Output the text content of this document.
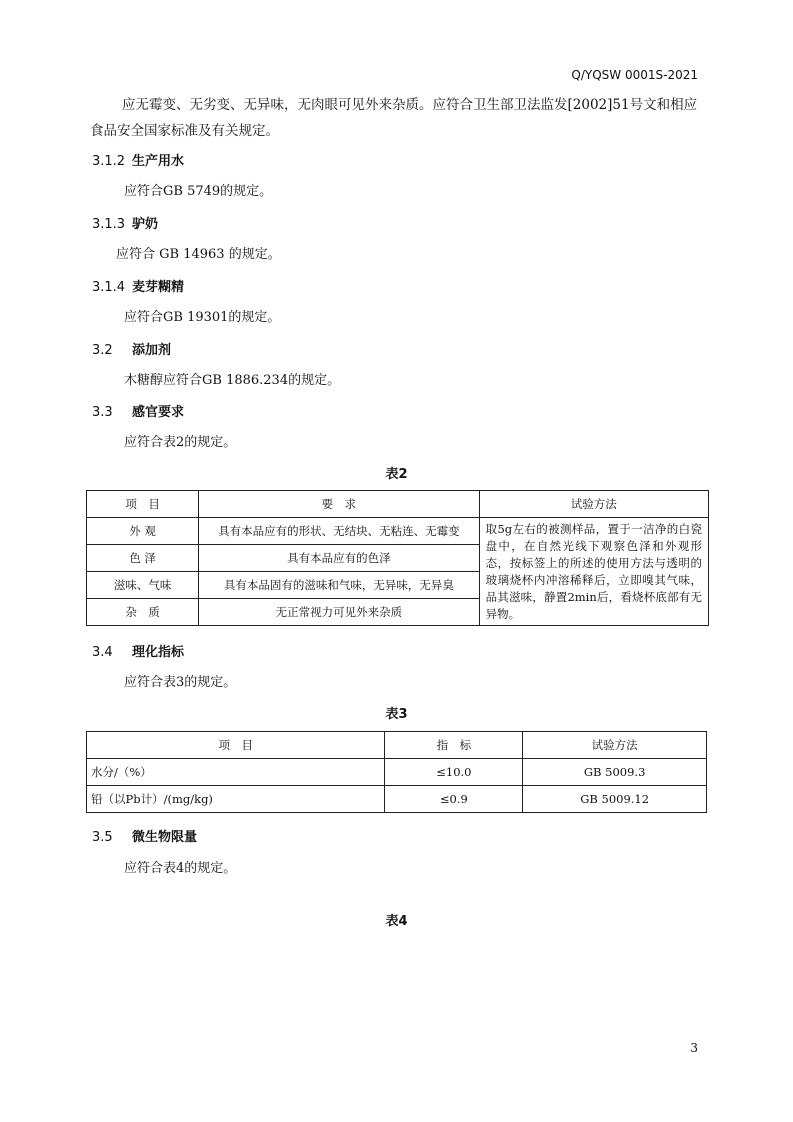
Q/YQSW 0001S-2021
应无霉变、无劣变、无异味，无肉眼可见外来杂质。应符合卫生部卫法监发[2002]51号文和相应食品安全国家标准及有关规定。
3.1.2 生产用水
应符合GB 5749的规定。
3.1.3 驴奶
应符合 GB 14963 的规定。
3.1.4 麦芽糊精
应符合GB 19301的规定。
3.2 添加剂
木糖醇应符合GB 1886.234的规定。
3.3 感官要求
应符合表2的规定。
表2
项　目	要　求	试验方法
外 观	具有本品应有的形状、无结块、无粘连、无霉变	取5g左右的被测样品，置于一洁净的白瓷盘中，在自然光线下观察色泽和外观形态，按标签上的所述的使用方法与透明的玻璃烧杯内冲溶稀释后，立即嗅其气味，品其滋味，静置2min后，看烧杯底部有无异物。
色 泽	具有本品应有的色泽	
滋味、气味	具有本品固有的滋味和气味，无异味，无异臭	
杂　质	无正常视力可见外来杂质	
3.4 理化指标
应符合表3的规定。
表3
项　目	指　标	试验方法
水分/（%）	≤10.0	GB 5009.3
铅（以Pb计）/(mg/kg)	≤0.9	GB 5009.12
3.5 微生物限量
应符合表4的规定。
表4
3
